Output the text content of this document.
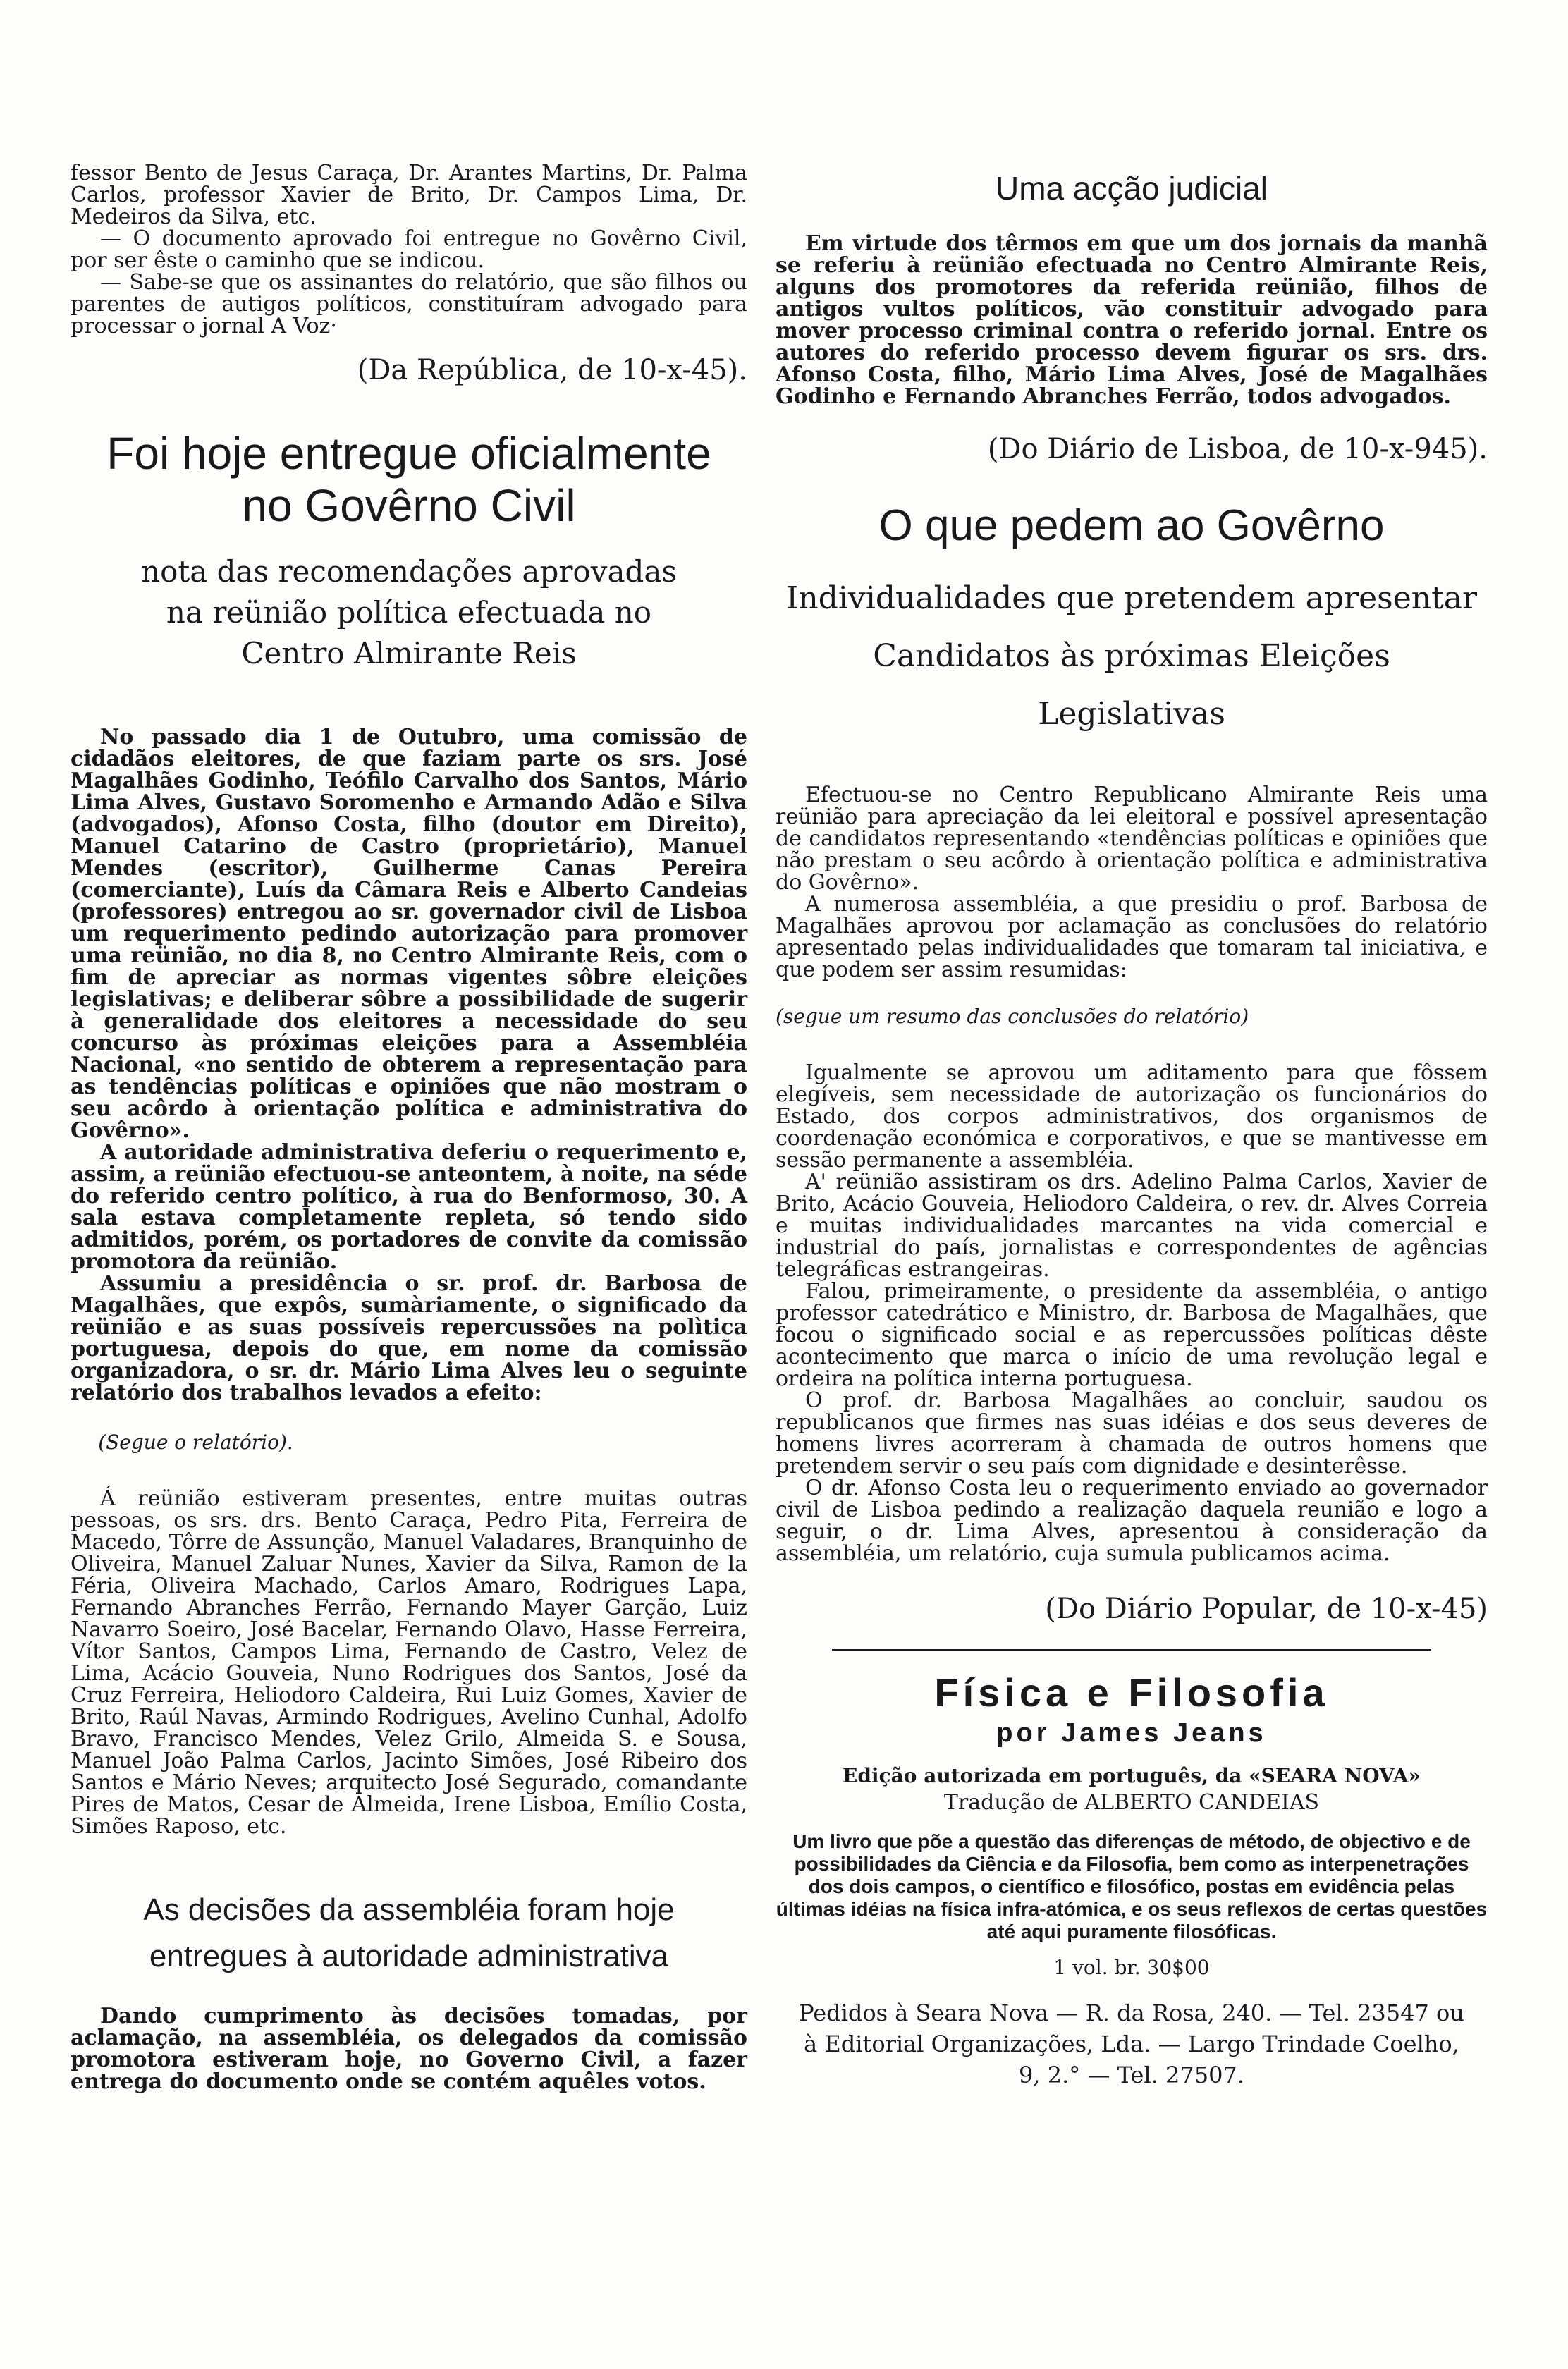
fessor Bento de Jesus Caraça, Dr. Arantes Martins, Dr. Palma Carlos, professor Xavier de Brito, Dr. Campos Lima, Dr. Medeiros da Silva, etc.

— O documento aprovado foi entregue no Govêrno Civil, por ser êste o caminho que se indicou.

— Sabe-se que os assinantes do relatório, que são filhos ou parentes de autigos políticos, constituíram advogado para processar o jornal A Voz·

(Da República, de 10-x-45).

Foi hoje entregue oficialmente
no Govêrno Civil
nota das recomendações aprovadas
na reünião política efectuada no
Centro Almirante Reis

No passado dia 1 de Outubro, uma comissão de cidadãos eleitores, de que faziam parte os srs. José Magalhães Godinho, Teófilo Carvalho dos Santos, Mário Lima Alves, Gustavo Soromenho e Armando Adão e Silva (advogados), Afonso Costa, filho (doutor em Direito), Manuel Catarino de Castro (proprietário), Manuel Mendes (escritor), Guilherme Canas Pereira (comerciante), Luís da Câmara Reis e Alberto Candeias (professores) entregou ao sr. governador civil de Lisboa um requerimento pedindo autorização para promover uma reünião, no dia 8, no Centro Almirante Reis, com o fim de apreciar as normas vigentes sôbre eleições legislativas; e deliberar sôbre a possibilidade de sugerir à generalidade dos eleitores a necessidade do seu concurso às próximas eleições para a Assembléia Nacional, «no sentido de obterem a representação para as tendências políticas e opiniões que não mostram o seu acôrdo à orientação política e administrativa do Govêrno».

A autoridade administrativa deferiu o requerimento e, assim, a reünião efectuou-se anteontem, à noite, na séde do referido centro político, à rua do Benformoso, 30. A sala estava completamente repleta, só tendo sido admitidos, porém, os portadores de convite da comissão promotora da reünião.

Assumiu a presidência o sr. prof. dr. Barbosa de Magalhães, que expôs, sumàriamente, o significado da reünião e as suas possíveis repercussões na polìtica portuguesa, depois do que, em nome da comissão organizadora, o sr. dr. Mário Lima Alves leu o seguinte relatório dos trabalhos levados a efeito:

(Segue o relatório).

Á reünião estiveram presentes, entre muitas outras pessoas, os srs. drs. Bento Caraça, Pedro Pita, Ferreira de Macedo, Tôrre de Assunção, Manuel Valadares, Branquinho de Oliveira, Manuel Zaluar Nunes, Xavier da Silva, Ramon de la Féria, Oliveira Machado, Carlos Amaro, Rodrigues Lapa, Fernando Abranches Ferrão, Fernando Mayer Garção, Luiz Navarro Soeiro, José Bacelar, Fernando Olavo, Hasse Ferreira, Vítor Santos, Campos Lima, Fernando de Castro, Velez de Lima, Acácio Gouveia, Nuno Rodrigues dos Santos, José da Cruz Ferreira, Heliodoro Caldeira, Rui Luiz Gomes, Xavier de Brito, Raúl Navas, Armindo Rodrigues, Avelino Cunhal, Adolfo Bravo, Francisco Mendes, Velez Grilo, Almeida S. e Sousa, Manuel João Palma Carlos, Jacinto Simões, José Ribeiro dos Santos e Mário Neves; arquitecto José Segurado, comandante Pires de Matos, Cesar de Almeida, Irene Lisboa, Emílio Costa, Simões Raposo, etc.

As decisões da assembléia foram hoje
entregues à autoridade administrativa

Dando cumprimento às decisões tomadas, por aclamação, na assembléia, os delegados da comissão promotora estiveram hoje, no Governo Civil, a fazer entrega do documento onde se contém aquêles votos.

Uma acção judicial

Em virtude dos têrmos em que um dos jornais da manhã se referiu à reünião efectuada no Centro Almirante Reis, alguns dos promotores da referida reünião, filhos de antigos vultos políticos, vão constituir advogado para mover processo criminal contra o referido jornal. Entre os autores do referido processo devem figurar os srs. drs. Afonso Costa, filho, Mário Lima Alves, José de Magalhães Godinho e Fernando Abranches Ferrão, todos advogados.

(Do Diário de Lisboa, de 10-x-945).

O que pedem ao Govêrno
Individualidades que pretendem apresentar
Candidatos às próximas Eleições Legislativas

Efectuou-se no Centro Republicano Almirante Reis uma reünião para apreciação da lei eleitoral e possível apresentação de candidatos representando «tendências políticas e opiniões que não prestam o seu acôrdo à orientação política e administrativa do Govêrno».

A numerosa assembléia, a que presidiu o prof. Barbosa de Magalhães aprovou por aclamação as conclusões do relatório apresentado pelas individualidades que tomaram tal iniciativa, e que podem ser assim resumidas:

(segue um resumo das conclusões do relatório)

Igualmente se aprovou um aditamento para que fôssem elegíveis, sem necessidade de autorização os funcionários do Estado, dos corpos administrativos, dos organismos de coordenação económica e corporativos, e que se mantivesse em sessão permanente a assembléia.

A' reünião assistiram os drs. Adelino Palma Carlos, Xavier de Brito, Acácio Gouveia, Heliodoro Caldeira, o rev. dr. Alves Correia e muitas individualidades marcantes na vida comercial e industrial do país, jornalistas e correspondentes de agências telegráficas estrangeiras.

Falou, primeiramente, o presidente da assembléia, o antigo professor catedrático e Ministro, dr. Barbosa de Magalhães, que focou o significado social e as repercussões políticas dêste acontecimento que marca o início de uma revolução legal e ordeira na política interna portuguesa.

O prof. dr. Barbosa Magalhães ao concluir, saudou os republicanos que firmes nas suas idéias e dos seus deveres de homens livres acorreram à chamada de outros homens que pretendem servir o seu país com dignidade e desinterêsse.

O dr. Afonso Costa leu o requerimento enviado ao governador civil de Lisboa pedindo a realização daquela reunião e logo a seguir, o dr. Lima Alves, apresentou à consideração da assembléia, um relatório, cuja sumula publicamos acima.

(Do Diário Popular, de 10-x-45)

Física e Filosofia
por James Jeans
Edição autorizada em português, da «SEARA NOVA»
Tradução de ALBERTO CANDEIAS

Um livro que põe a questão das diferenças de método, de objectivo e de possibilidades da Ciência e da Filosofia, bem como as interpenetrações dos dois campos, o científico e filosófico, postas em evidência pelas últimas idéias na física infra-atómica, e os seus reflexos de certas questões até aqui puramente filosóficas.

1 vol. br. 30$00

Pedidos à Seara Nova — R. da Rosa, 240. — Tel. 23547 ou à Editorial Organizações, Lda. — Largo Trindade Coelho, 9, 2.° — Tel. 27507.
